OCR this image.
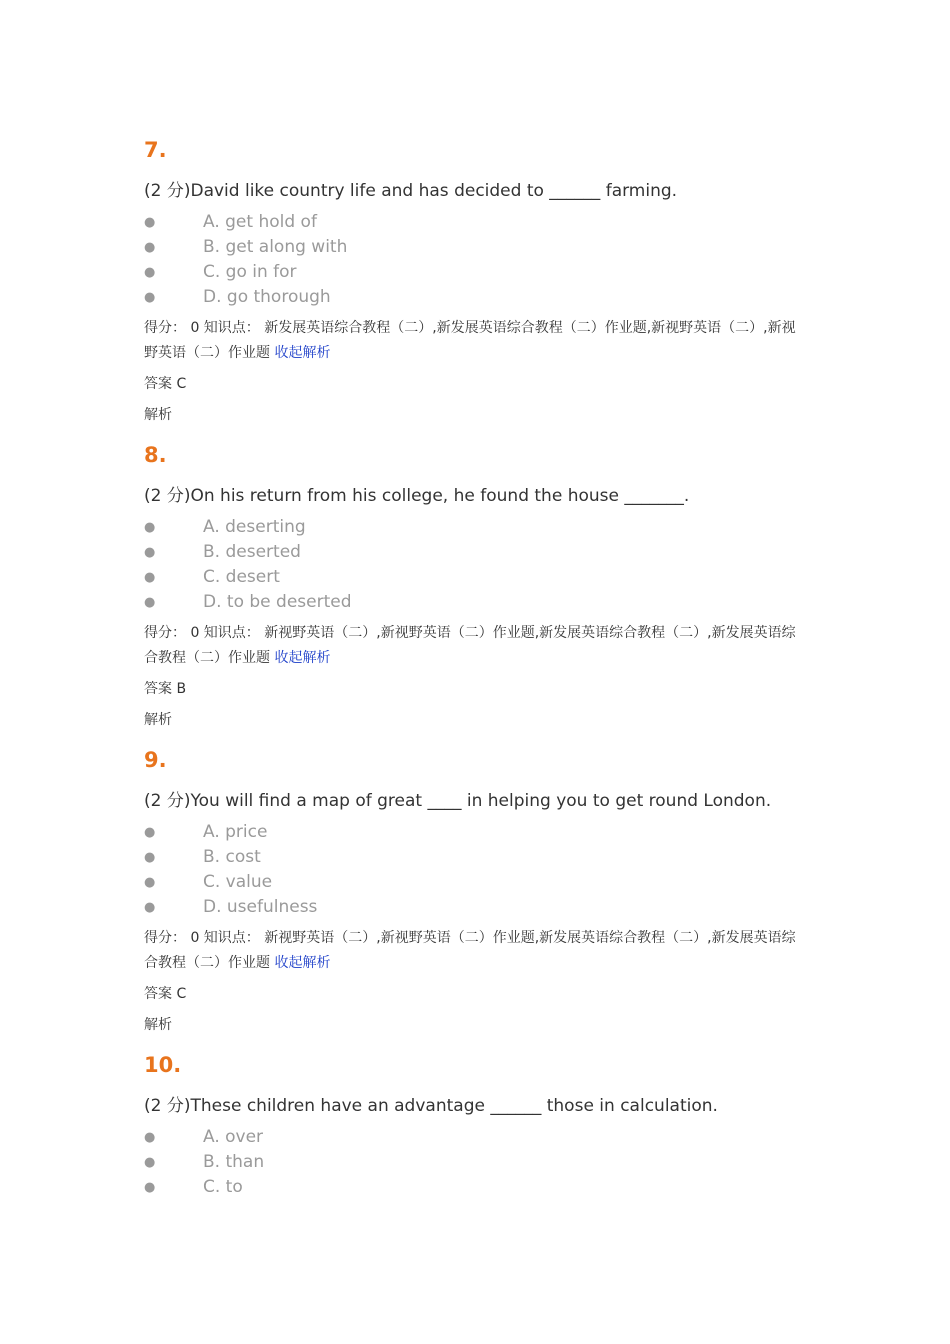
7.
(2 分)David like country life and has decided to ______ farming.
●	A. get hold of
●	B. get along with
●	C. go in for
●	D. go thorough
得分： 0 知识点： 新发展英语综合教程（二）,新发展英语综合教程（二）作业题,新视野英语（二）,新视野英语（二）作业题 收起解析
答案 C
解析
8.
(2 分)On his return from his college, he found the house _______.
●	A. deserting
●	B. deserted
●	C. desert
●	D. to be deserted
得分： 0 知识点： 新视野英语（二）,新视野英语（二）作业题,新发展英语综合教程（二）,新发展英语综合教程（二）作业题 收起解析
答案 B
解析
9.
(2 分)You will find a map of great ____ in helping you to get round London.
●	A. price
●	B. cost
●	C. value
●	D. usefulness
得分： 0 知识点： 新视野英语（二）,新视野英语（二）作业题,新发展英语综合教程（二）,新发展英语综合教程（二）作业题 收起解析
答案 C
解析
10.
(2 分)These children have an advantage ______ those in calculation.
●	A. over
●	B. than
●	C. to
